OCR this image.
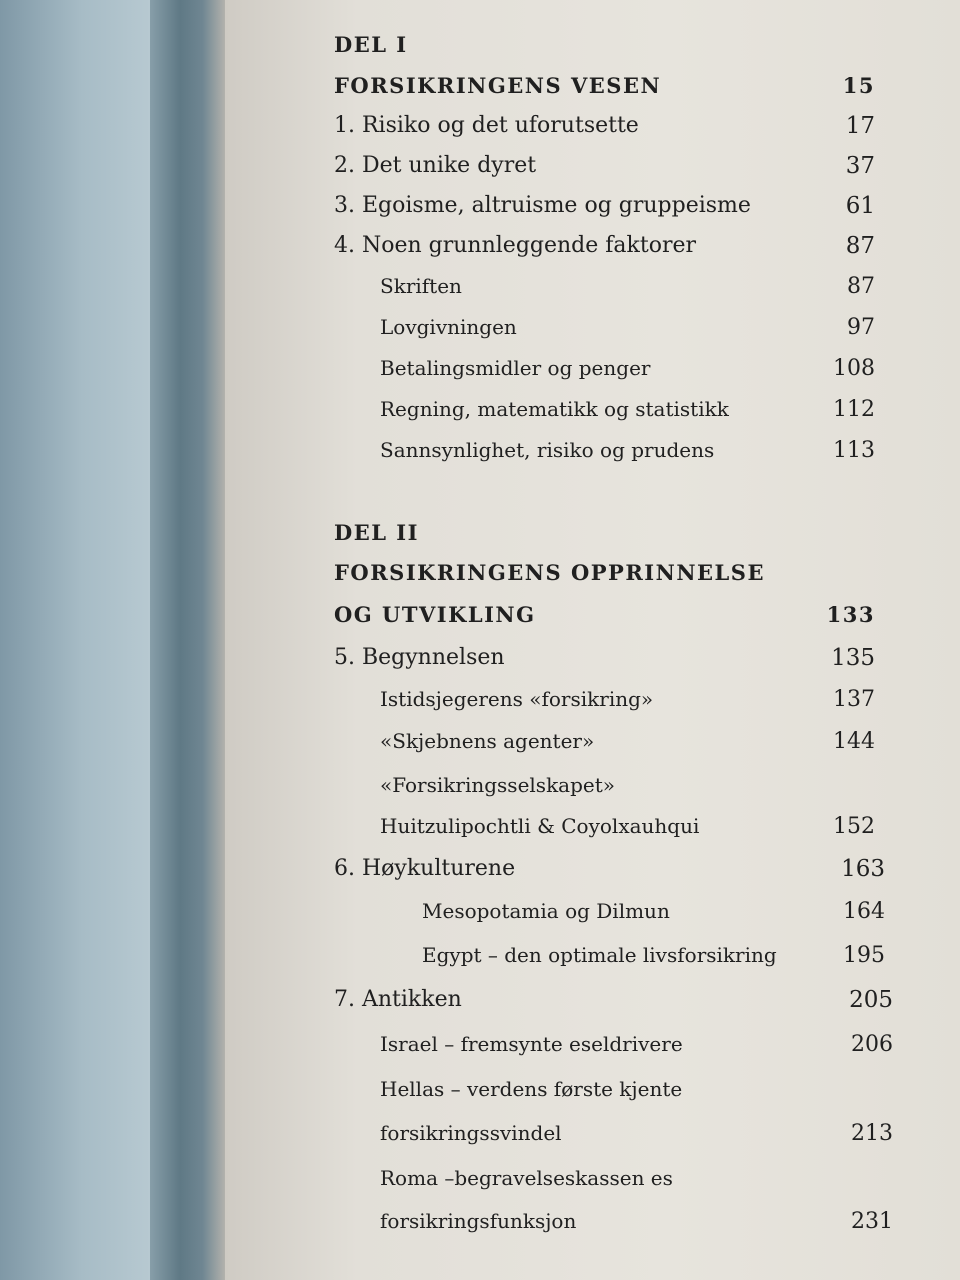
DEL I
FORSIKRINGENS VESEN	15
1. Risiko og det uforutsette	17
2. Det unike dyret	37
3. Egoisme, altruisme og gruppeisme	61
4. Noen grunnleggende faktorer	87
Skriften	87
Lovgivningen	97
Betalingsmidler og penger	108
Regning, matematikk og statistikk	112
Sannsynlighet, risiko og prudens	113
DEL II
FORSIKRINGENS OPPRINNELSE
OG UTVIKLING	133
5. Begynnelsen	135
Istidsjegerens «forsikring»	137
«Skjebnens agenter»	144
«Forsikringsselskapet»
Huitzulipochtli & Coyolxauhqui	152
6. Høykulturene	163
Mesopotamia og Dilmun	164
Egypt – den optimale livsforsikring	195
7. Antikken	205
Israel – fremsynte eseldrivere	206
Hellas – verdens første kjente
forsikringssvindel	213
Roma –begravelseskassen es
forsikringsfunksjon	231
